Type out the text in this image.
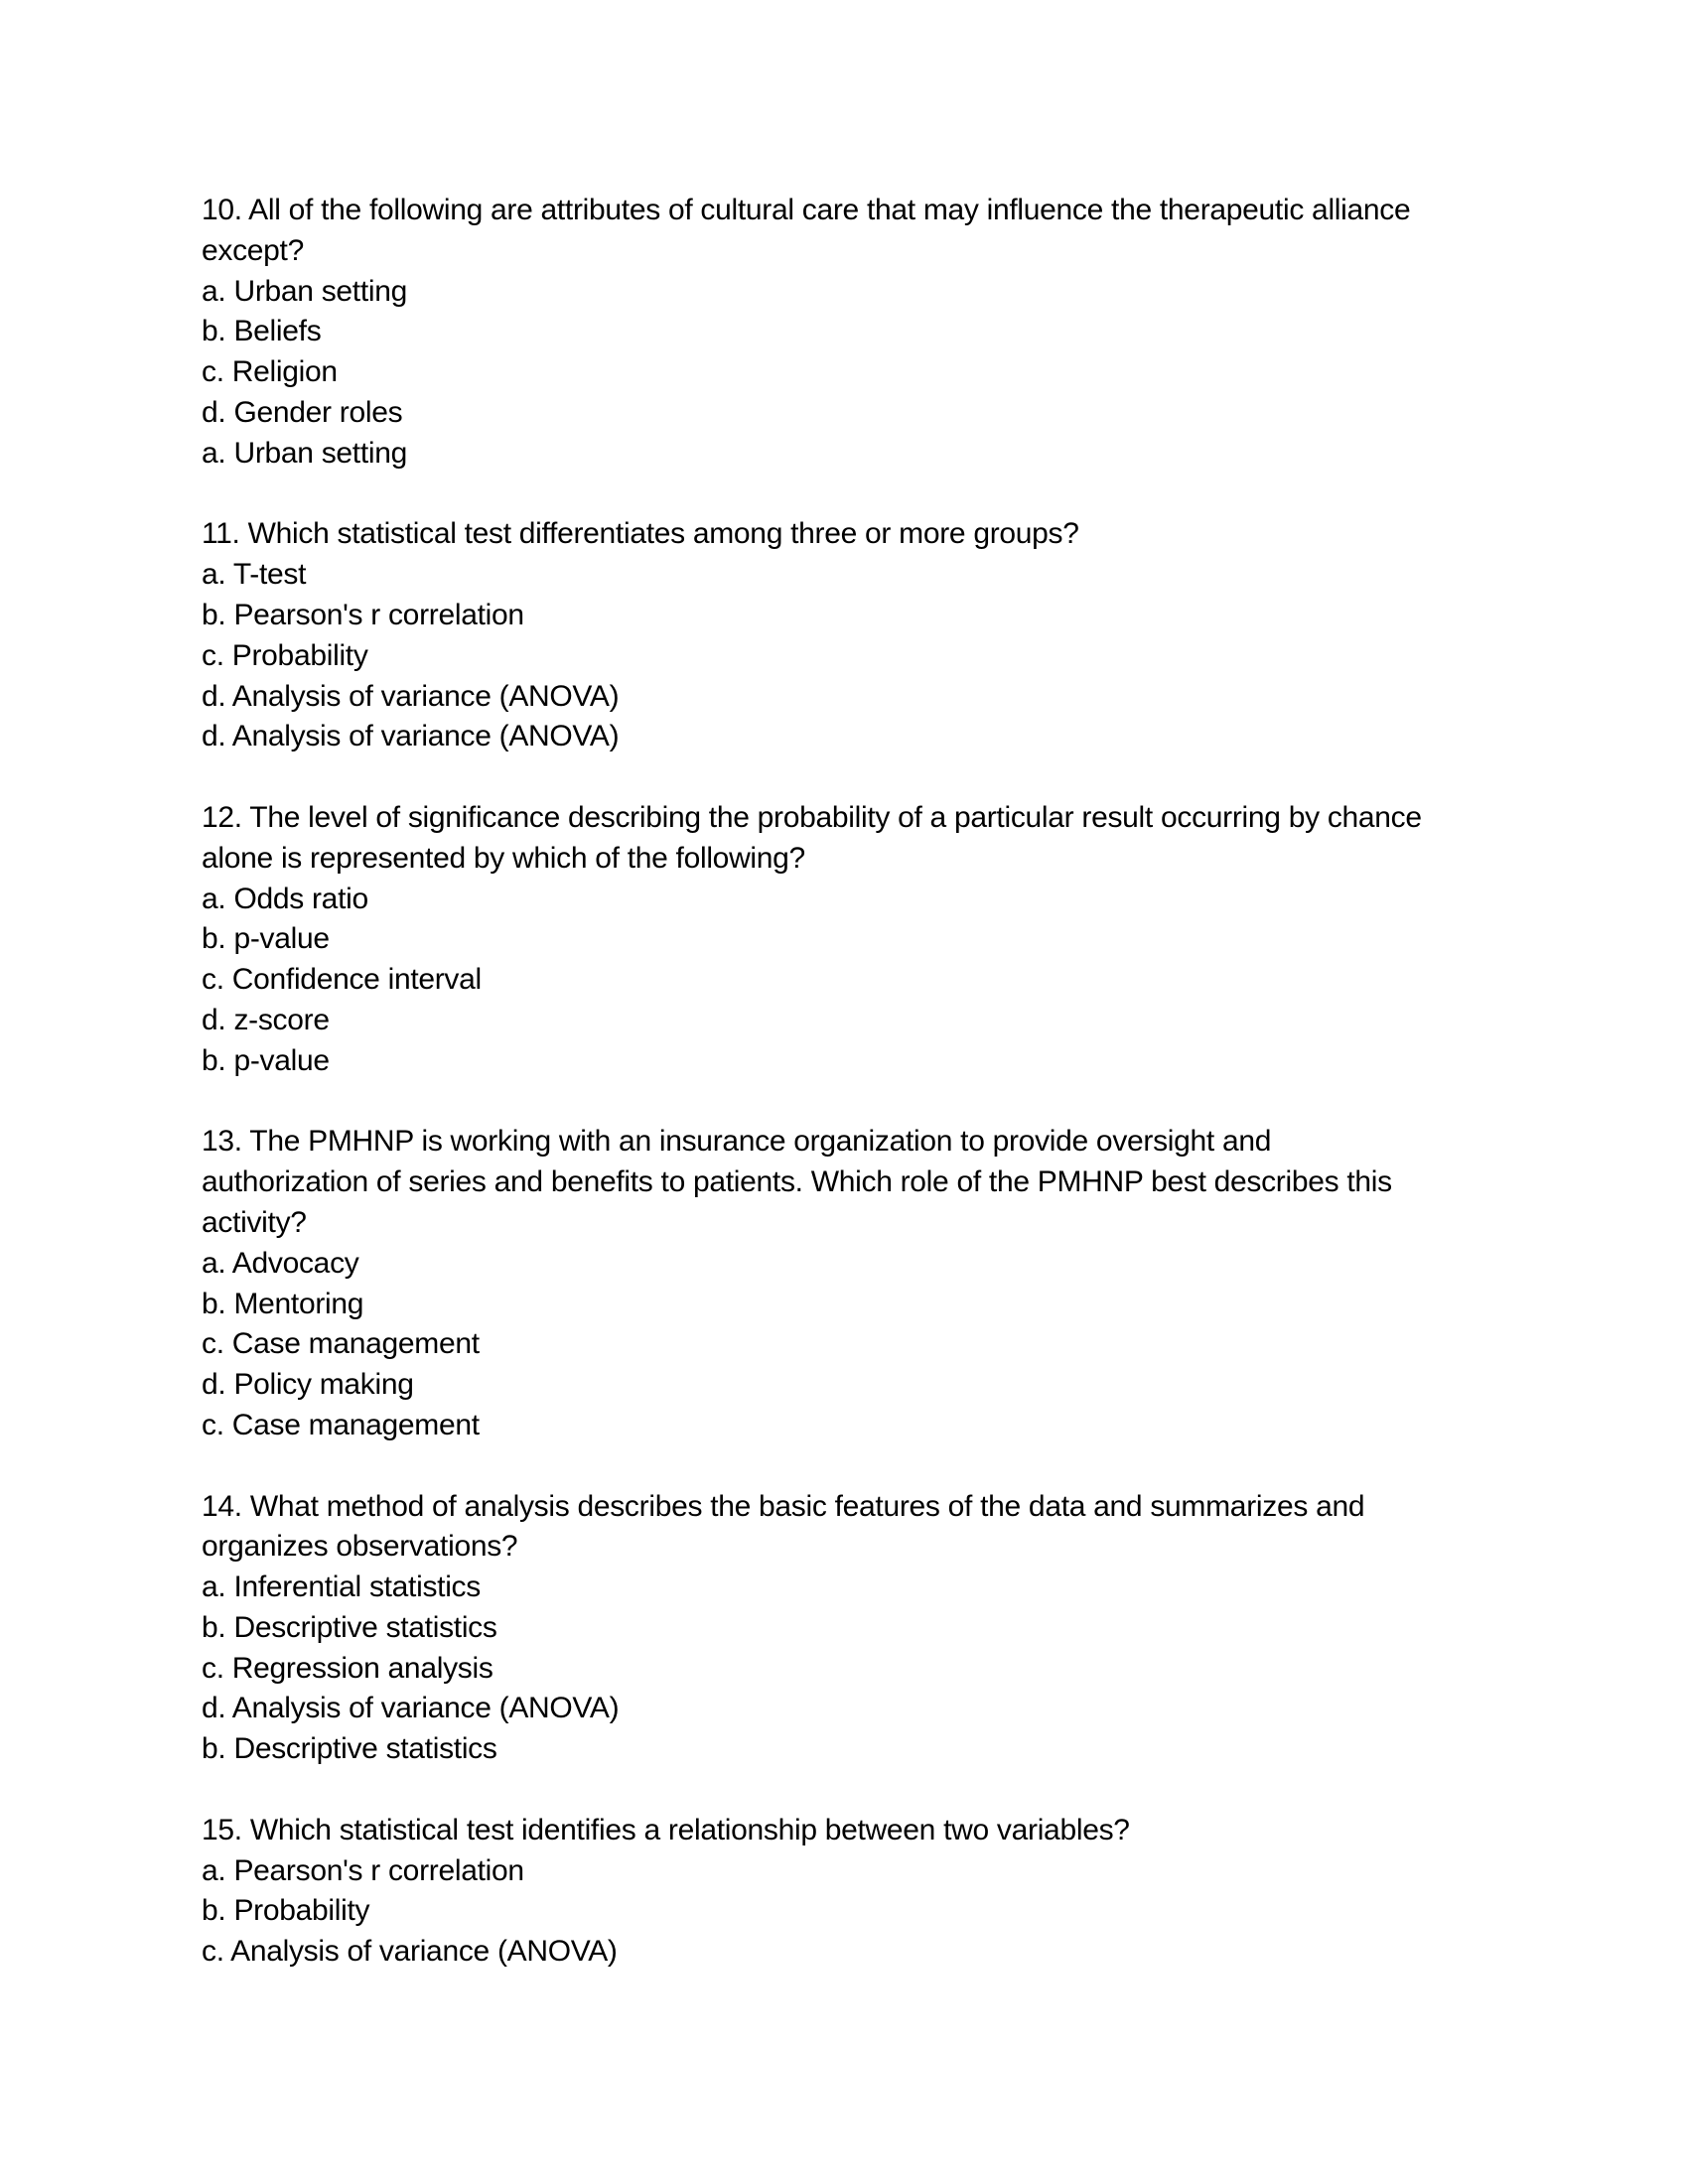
10. All of the following are attributes of cultural care that may influence the therapeutic alliance
except?
a. Urban setting
b. Beliefs
c. Religion
d. Gender roles
a. Urban setting
11. Which statistical test differentiates among three or more groups?
a. T-test
b. Pearson's r correlation
c. Probability
d. Analysis of variance (ANOVA)
d. Analysis of variance (ANOVA)
12. The level of significance describing the probability of a particular result occurring by chance
alone is represented by which of the following?
a. Odds ratio
b. p-value
c. Confidence interval
d. z-score
b. p-value
13. The PMHNP is working with an insurance organization to provide oversight and
authorization of series and benefits to patients. Which role of the PMHNP best describes this
activity?
a. Advocacy
b. Mentoring
c. Case management
d. Policy making
c. Case management
14. What method of analysis describes the basic features of the data and summarizes and
organizes observations?
a. Inferential statistics
b. Descriptive statistics
c. Regression analysis
d. Analysis of variance (ANOVA)
b. Descriptive statistics
15. Which statistical test identifies a relationship between two variables?
a. Pearson's r correlation
b. Probability
c. Analysis of variance (ANOVA)
